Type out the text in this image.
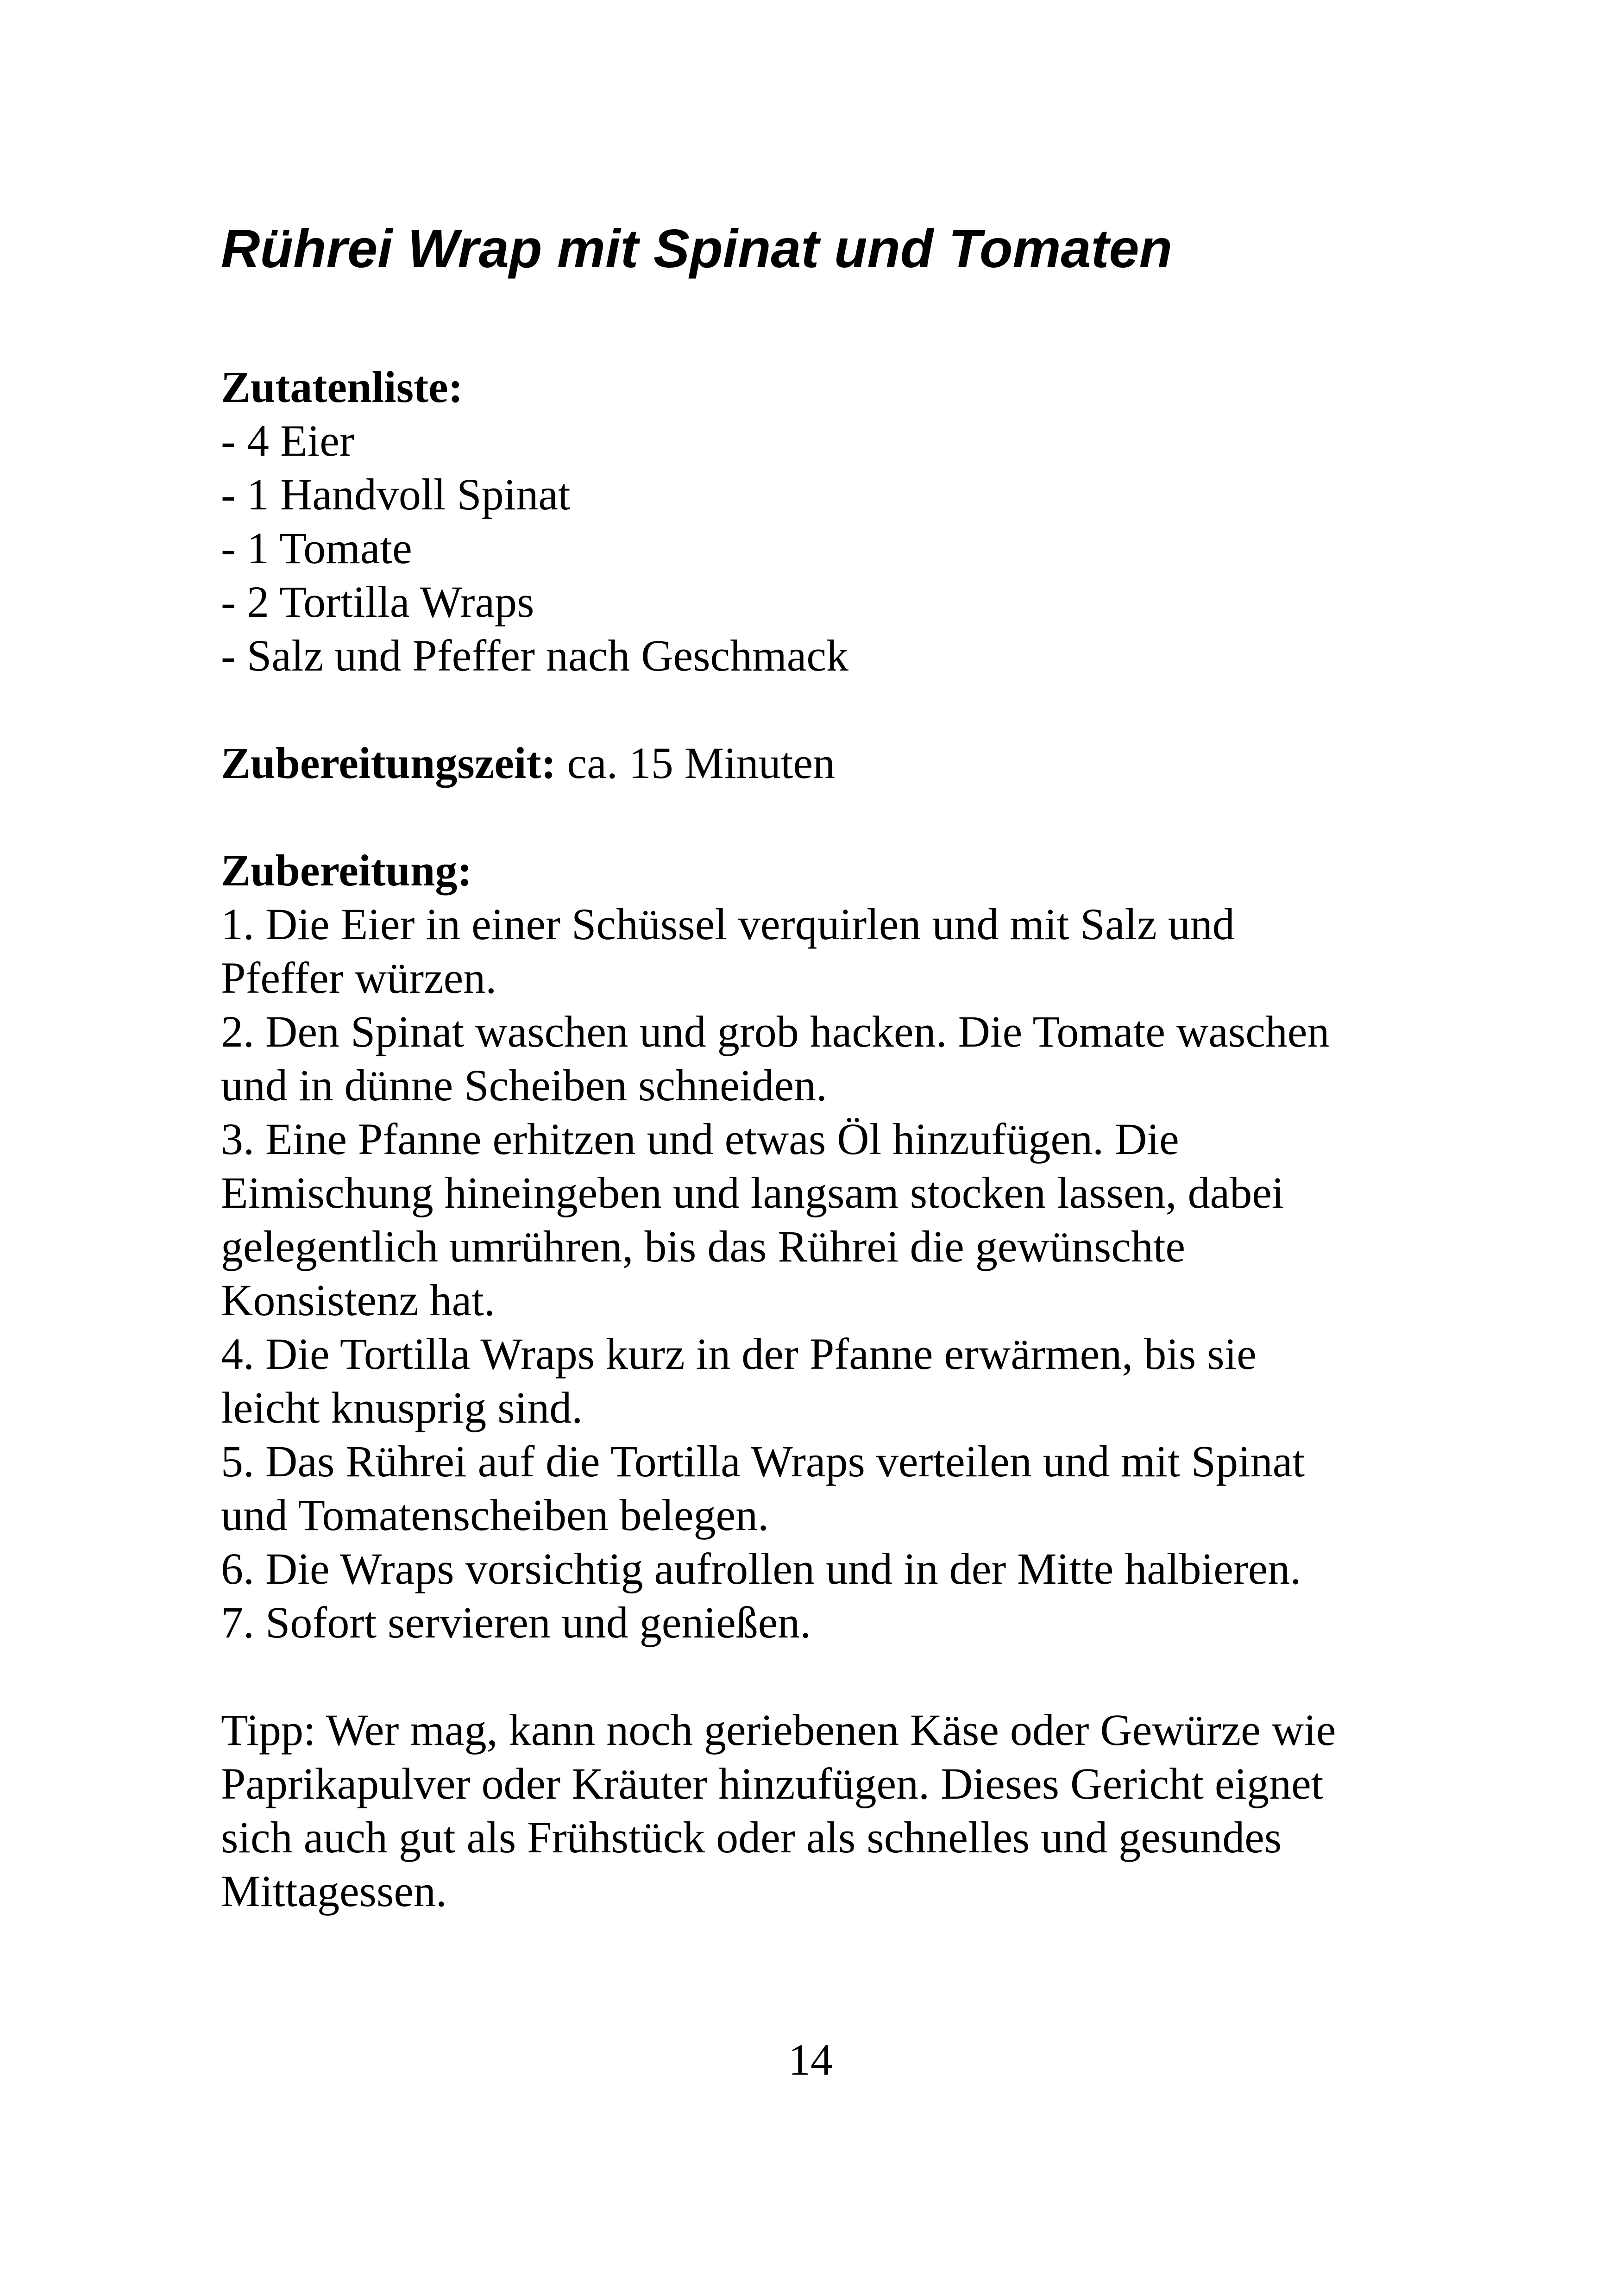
Rührei Wrap mit Spinat und Tomaten
Zutatenliste:
- 4 Eier
- 1 Handvoll Spinat
- 1 Tomate
- 2 Tortilla Wraps
- Salz und Pfeffer nach Geschmack
Zubereitungszeit: ca. 15 Minuten
Zubereitung:
1. Die Eier in einer Schüssel verquirlen und mit Salz und
Pfeffer würzen.
2. Den Spinat waschen und grob hacken. Die Tomate waschen
und in dünne Scheiben schneiden.
3. Eine Pfanne erhitzen und etwas Öl hinzufügen. Die
Eimischung hineingeben und langsam stocken lassen, dabei
gelegentlich umrühren, bis das Rührei die gewünschte
Konsistenz hat.
4. Die Tortilla Wraps kurz in der Pfanne erwärmen, bis sie
leicht knusprig sind.
5. Das Rührei auf die Tortilla Wraps verteilen und mit Spinat
und Tomatenscheiben belegen.
6. Die Wraps vorsichtig aufrollen und in der Mitte halbieren.
7. Sofort servieren und genießen.
Tipp: Wer mag, kann noch geriebenen Käse oder Gewürze wie
Paprikapulver oder Kräuter hinzufügen. Dieses Gericht eignet
sich auch gut als Frühstück oder als schnelles und gesundes
Mittagessen.
14
